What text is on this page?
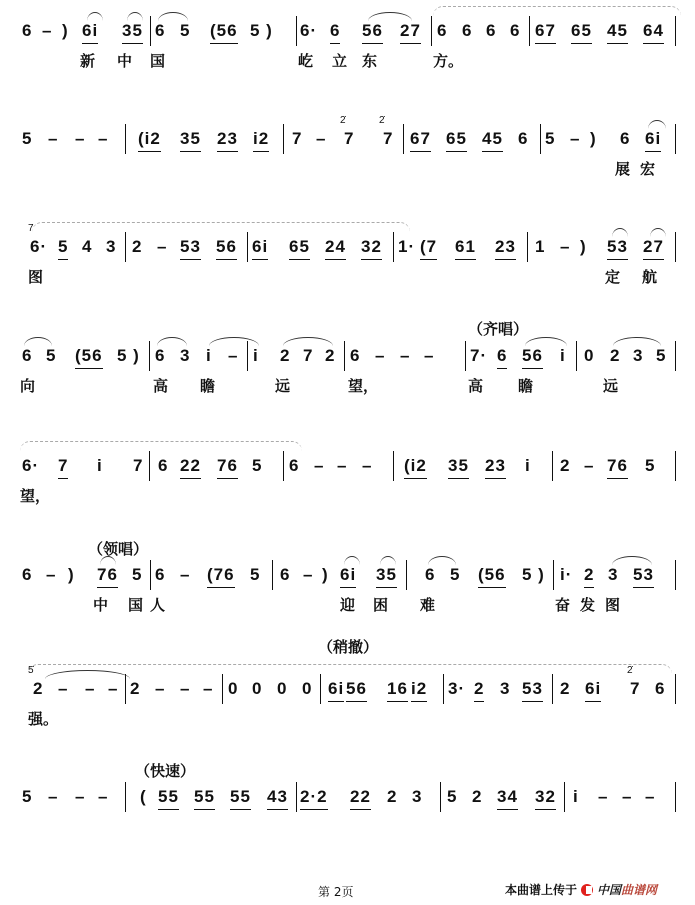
6 – ) 6i 35 6 5 (56 5 ) 6· 6 56 27 6 6 6 6 67 65 45 64
新 中 国	屹 立 东	方。
5 – – – (i2 35 23 i2 7 – 7 7 67 65 45 6 5 – ) 6 6i
2̇	2̇
展 宏
6· 5 4 3 2 – 53 56 6i 65 24 32 1· (7 61 23 1 – ) 53 27
7
图	定 航
6 5 (56 5 ) 6 3 i – i 2 7 2 6 – – – 7· 6 56 i 0 2 3 5
向	高 瞻	远	望，	高 瞻	远
6· 7 i 7 6 22 76 5 6 – – – (i2 35 23 i 2 – 76 5
望，
6 – ) 76 5 6 – (76 5 6 – ) 6i 35 6 5 (56 5 ) i· 2 3 53
中 国 人	迎 困 难	奋 发 图
2 – – – 2 – – – 0 0 0 0 6i 56 16 i2 3· 2 3 53 2 6i 7 6
5̇	2̇
强。
5 – – – ( 55 55 55 43 2·2 22 2 3 5 2 34 32 i – – –
（齐唱）
（领唱）
（稍撤）
（快速）
第 2页	本曲谱上传于 中国 曲谱网
